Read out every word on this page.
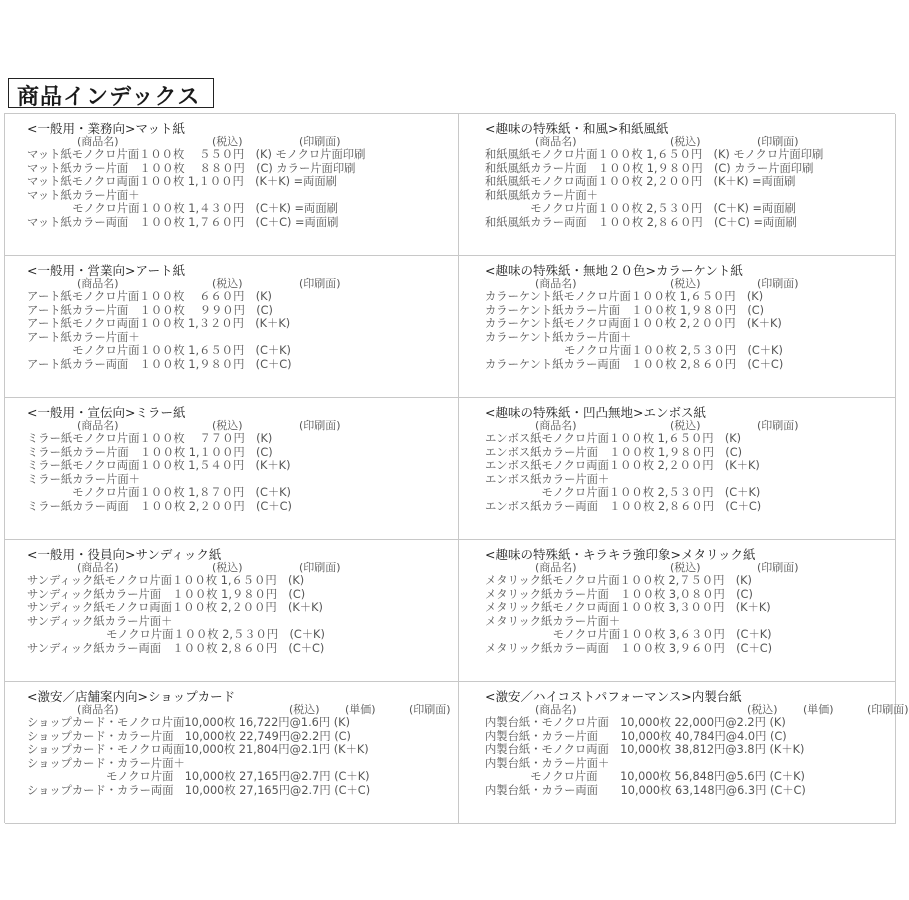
商品インデックス
<一般用・業務向>マット紙
(商品名)	(税込)	(印刷面)
マット紙モノクロ片面１００枚　 ５５０円　(K) モノクロ片面印刷
マット紙カラー片面　１００枚　 ８８０円　(C) カラー片面印刷
マット紙モノクロ両面１００枚 1,１００円　(K＋K) =両面刷
マット紙カラー片面＋
　　　　モノクロ片面１００枚 1,４３０円　(C＋K) =両面刷
マット紙カラー両面　１００枚 1,７６０円　(C＋C) =両面刷
<趣味の特殊紙・和風>和紙風紙
(商品名)	(税込)	(印刷面)
和紙風紙モノクロ片面１００枚 1,６５０円　(K) モノクロ片面印刷
和紙風紙カラー片面　１００枚 1,９８０円　(C) カラー片面印刷
和紙風紙モノクロ両面１００枚 2,２００円　(K＋K) =両面刷
和紙風紙カラー片面＋
　　　　モノクロ片面１００枚 2,５３０円　(C＋K) =両面刷
和紙風紙カラー両面　１００枚 2,８６０円　(C＋C) =両面刷
<一般用・営業向>アート紙
(商品名)	(税込)	(印刷面)
アート紙モノクロ片面１００枚　 ６６０円　(K)
アート紙カラー片面　１００枚　 ９９０円　(C)
アート紙モノクロ両面１００枚 1,３２０円　(K＋K)
アート紙カラー片面＋
　　　　モノクロ片面１００枚 1,６５０円　(C＋K)
アート紙カラー両面　１００枚 1,９８０円　(C＋C)
<趣味の特殊紙・無地２０色>カラーケント紙
(商品名)	(税込)	(印刷面)
カラーケント紙モノクロ片面１００枚 1,６５０円　(K)
カラーケント紙カラー片面　１００枚 1,９８０円　(C)
カラーケント紙モノクロ両面１００枚 2,２００円　(K＋K)
カラーケント紙カラー片面＋
　　　　　　　モノクロ片面１００枚 2,５３０円　(C＋K)
カラーケント紙カラー両面　１００枚 2,８６０円　(C＋C)
<一般用・宣伝向>ミラー紙
(商品名)	(税込)	(印刷面)
ミラー紙モノクロ片面１００枚　 ７７０円　(K)
ミラー紙カラー片面　１００枚 1,１００円　(C)
ミラー紙モノクロ両面１００枚 1,５４０円　(K＋K)
ミラー紙カラー片面＋
　　　　モノクロ片面１００枚 1,８７０円　(C＋K)
ミラー紙カラー両面　１００枚 2,２００円　(C＋C)
<趣味の特殊紙・凹凸無地>エンボス紙
(商品名)	(税込)	(印刷面)
エンボス紙モノクロ片面１００枚 1,６５０円　(K)
エンボス紙カラー片面　１００枚 1,９８０円　(C)
エンボス紙モノクロ両面１００枚 2,２００円　(K＋K)
エンボス紙カラー片面＋
　　　　　モノクロ片面１００枚 2,５３０円　(C＋K)
エンボス紙カラー両面　１００枚 2,８６０円　(C＋C)
<一般用・役員向>サンディック紙
(商品名)	(税込)	(印刷面)
サンディック紙モノクロ片面１００枚 1,６５０円　(K)
サンディック紙カラー片面　１００枚 1,９８０円　(C)
サンディック紙モノクロ両面１００枚 2,２００円　(K＋K)
サンディック紙カラー片面＋
　　　　　　　モノクロ片面１００枚 2,５３０円　(C＋K)
サンディック紙カラー両面　１００枚 2,８６０円　(C＋C)
<趣味の特殊紙・キラキラ強印象>メタリック紙
(商品名)	(税込)	(印刷面)
メタリック紙モノクロ片面１００枚 2,７５０円　(K)
メタリック紙カラー片面　１００枚 3,０８０円　(C)
メタリック紙モノクロ両面１００枚 3,３００円　(K＋K)
メタリック紙カラー片面＋
　　　　　　モノクロ片面１００枚 3,６３０円　(C＋K)
メタリック紙カラー両面　１００枚 3,９６０円　(C＋C)
<激安／店舗案内向>ショップカード
(商品名)	(税込) (単価)	(印刷面)
ショップカード・モノクロ片面10,000枚 16,722円@1.6円 (K)
ショップカード・カラー片面　10,000枚 22,749円@2.2円 (C)
ショップカード・モノクロ両面10,000枚 21,804円@2.1円 (K＋K)
ショップカード・カラー片面＋
　　　　　　　モノクロ片面　10,000枚 27,165円@2.7円 (C＋K)
ショップカード・カラー両面　10,000枚 27,165円@2.7円 (C＋C)
<激安／ハイコストパフォーマンス>内製台紙
(商品名)	(税込) (単価)	(印刷面)
内製台紙・モノクロ片面　10,000枚 22,000円@2.2円 (K)
内製台紙・カラー片面　　10,000枚 40,784円@4.0円 (C)
内製台紙・モノクロ両面　10,000枚 38,812円@3.8円 (K＋K)
内製台紙・カラー片面＋
　　　　モノクロ片面　　10,000枚 56,848円@5.6円 (C＋K)
内製台紙・カラー両面　　10,000枚 63,148円@6.3円 (C＋C)
